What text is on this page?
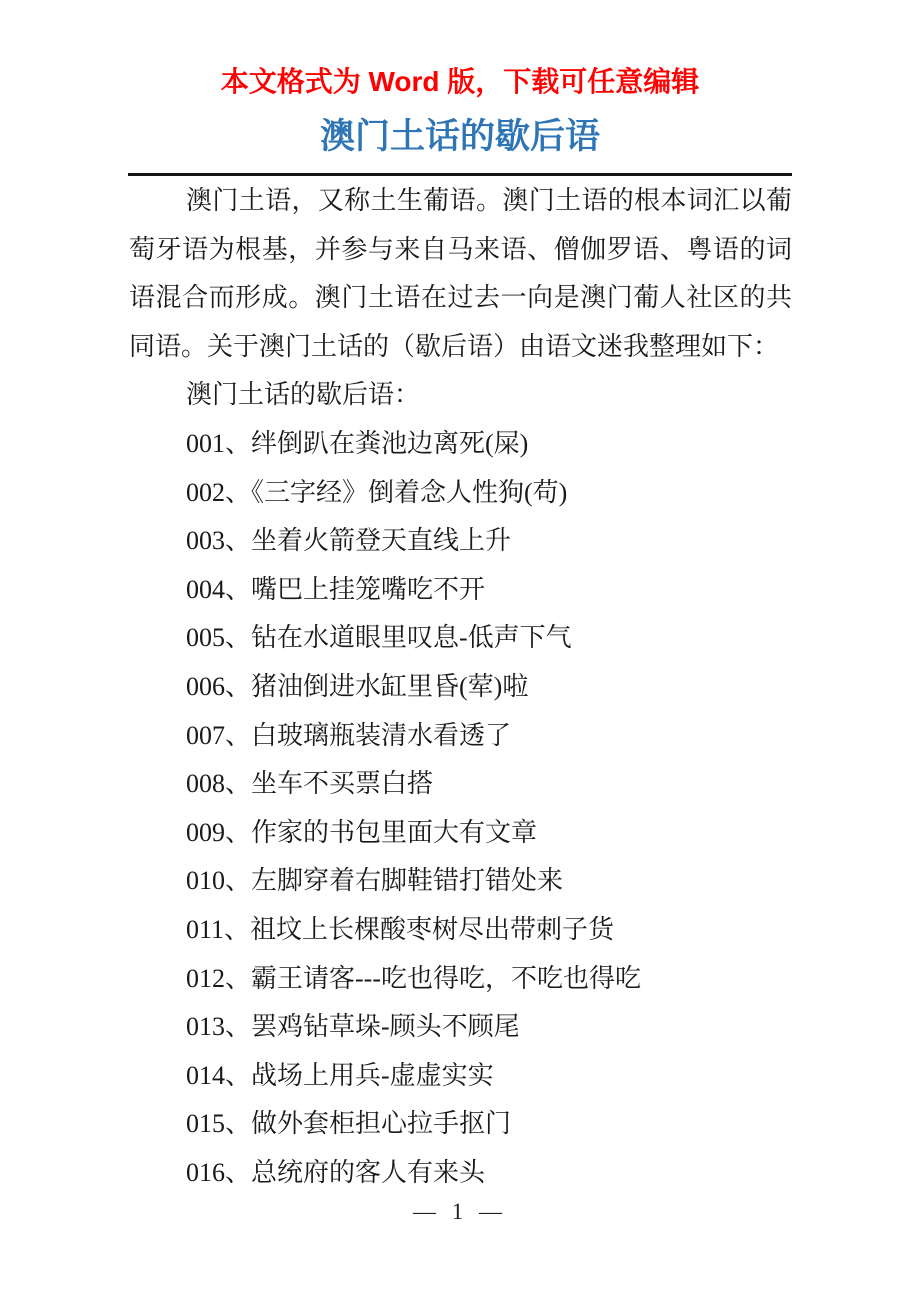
本文格式为 Word 版，下载可任意编辑
澳门土话的歇后语

澳门土语，又称土生葡语。澳门土语的根本词汇以葡萄牙语为根基，并参与来自马来语、僧伽罗语、粤语的词语混合而形成。澳门土语在过去一向是澳门葡人社区的共同语。关于澳门土话的（歇后语）由语文迷我整理如下：

澳门土话的歇后语：

001、绊倒趴在粪池边离死(屎)

002、《三字经》倒着念人性狗(苟)

003、坐着火箭登天直线上升

004、嘴巴上挂笼嘴吃不开

005、钻在水道眼里叹息-低声下气

006、猪油倒进水缸里昏(荤)啦

007、白玻璃瓶装清水看透了

008、坐车不买票白搭

009、作家的书包里面大有文章

010、左脚穿着右脚鞋错打错处来

011、祖坟上长棵酸枣树尽出带刺子货

012、霸王请客---吃也得吃，不吃也得吃

013、罢鸡钻草垛-顾头不顾尾

014、战场上用兵-虚虚实实

015、做外套柜担心拉手抠门

016、总统府的客人有来头

— 1 —
